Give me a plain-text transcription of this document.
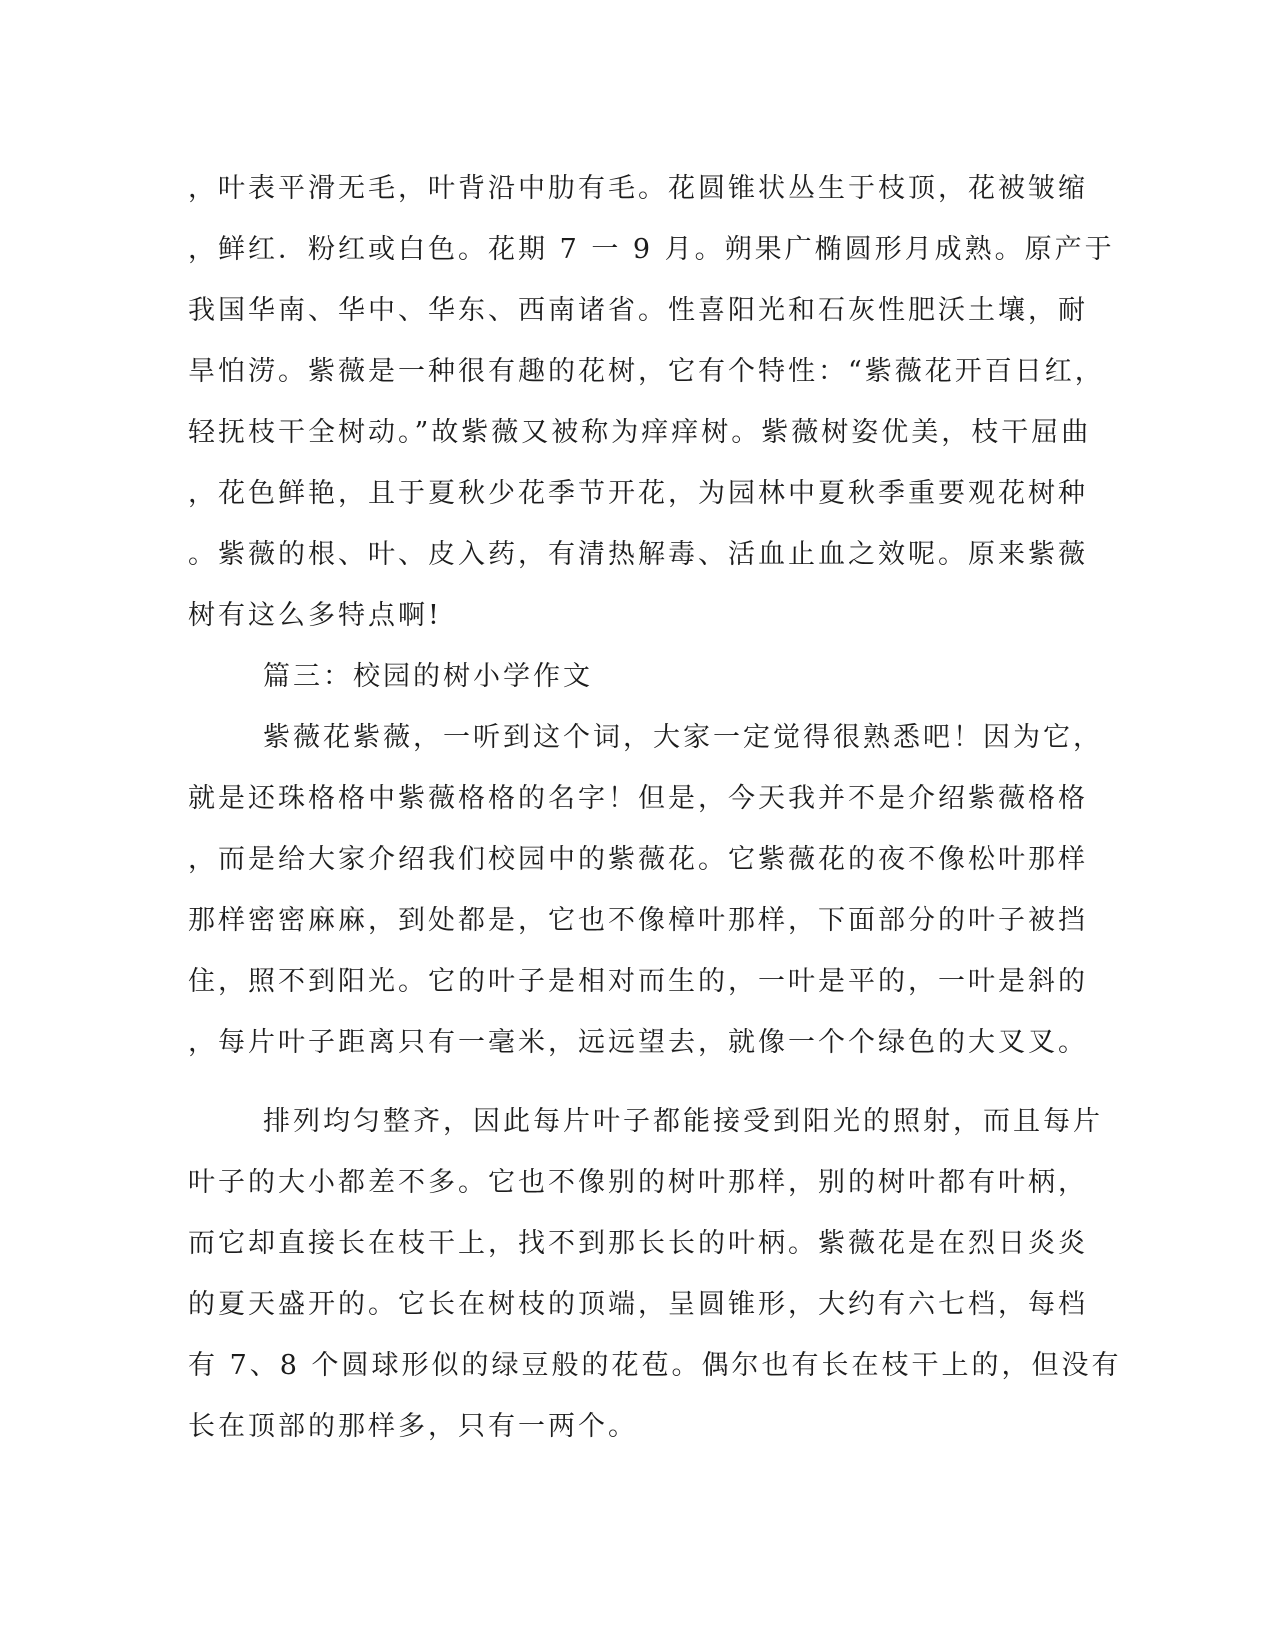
，叶表平滑无毛，叶背沿中肋有毛。花圆锥状丛生于枝顶，花被皱缩
，鲜红．粉红或白色。花期 7 一 9 月。朔果广椭圆形月成熟。原产于
我国华南、华中、华东、西南诸省。性喜阳光和石灰性肥沃土壤，耐
旱怕涝。紫薇是一种很有趣的花树，它有个特性：“紫薇花开百日红，
轻抚枝干全树动。”故紫薇又被称为痒痒树。紫薇树姿优美，枝干屈曲
，花色鲜艳，且于夏秋少花季节开花，为园林中夏秋季重要观花树种
。紫薇的根、叶、皮入药，有清热解毒、活血止血之效呢。原来紫薇
树有这么多特点啊!
篇三：校园的树小学作文
紫薇花紫薇，一听到这个词，大家一定觉得很熟悉吧！因为它，
就是还珠格格中紫薇格格的名字！但是，今天我并不是介绍紫薇格格
，而是给大家介绍我们校园中的紫薇花。它紫薇花的夜不像松叶那样
那样密密麻麻，到处都是，它也不像樟叶那样，下面部分的叶子被挡
住，照不到阳光。它的叶子是相对而生的，一叶是平的，一叶是斜的
，每片叶子距离只有一毫米，远远望去，就像一个个绿色的大叉叉。
排列均匀整齐，因此每片叶子都能接受到阳光的照射，而且每片
叶子的大小都差不多。它也不像别的树叶那样，别的树叶都有叶柄，
而它却直接长在枝干上，找不到那长长的叶柄。紫薇花是在烈日炎炎
的夏天盛开的。它长在树枝的顶端，呈圆锥形，大约有六七档，每档
有 7、8 个圆球形似的绿豆般的花苞。偶尔也有长在枝干上的，但没有
长在顶部的那样多，只有一两个。
